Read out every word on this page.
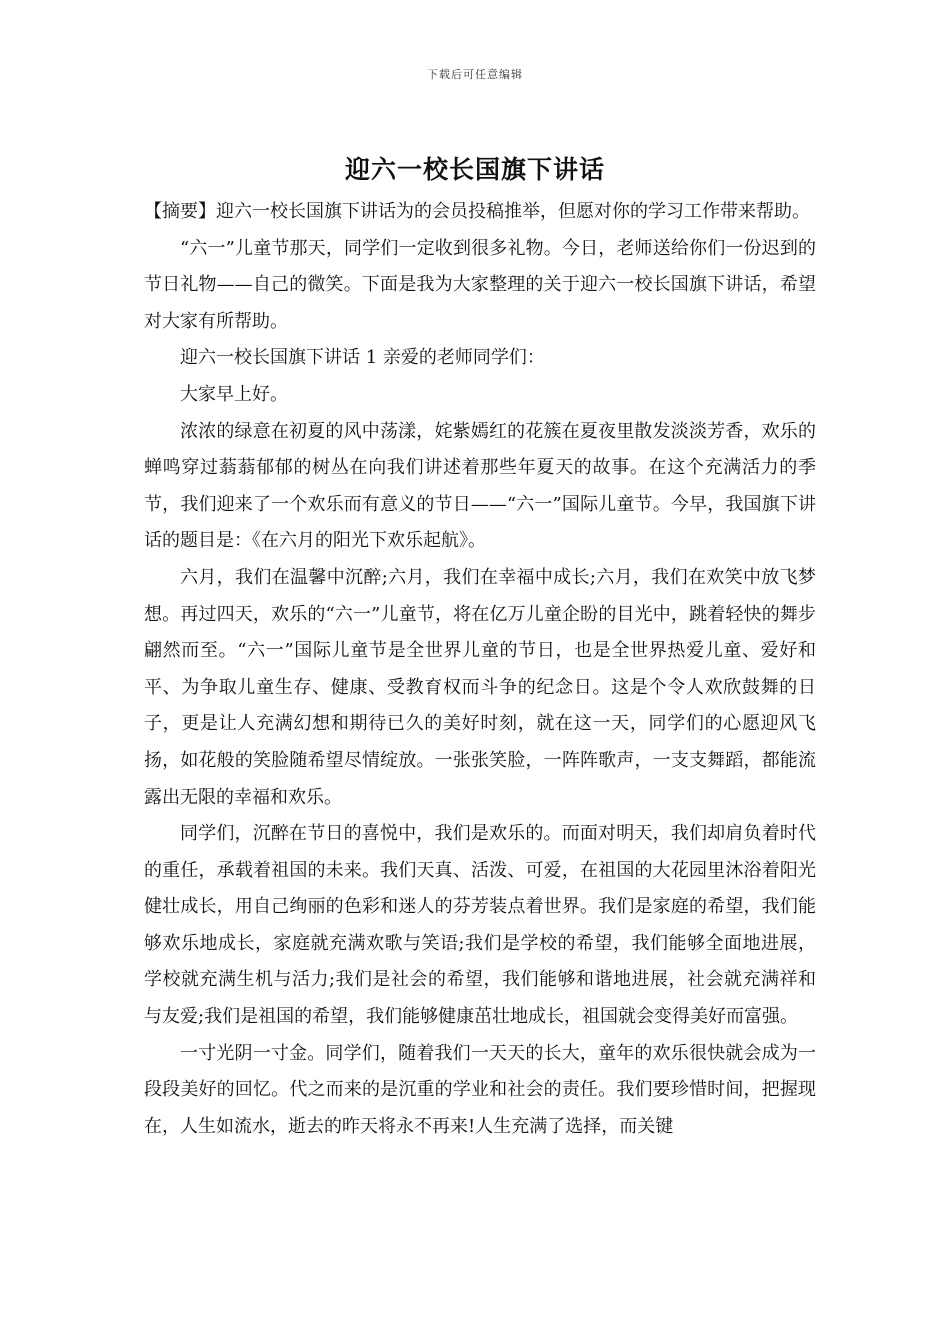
下载后可任意编辑
迎六一校长国旗下讲话

【摘要】迎六一校长国旗下讲话为的会员投稿推举，但愿对你的学习工作带来帮助。

“六一”儿童节那天，同学们一定收到很多礼物。今日，老师送给你们一份迟到的节日礼物——自己的微笑。下面是我为大家整理的关于迎六一校长国旗下讲话，希望对大家有所帮助。

迎六一校长国旗下讲话 1 亲爱的老师同学们：

大家早上好。

浓浓的绿意在初夏的风中荡漾，姹紫嫣红的花簇在夏夜里散发淡淡芳香，欢乐的蝉鸣穿过蓊蓊郁郁的树丛在向我们讲述着那些年夏天的故事。在这个充满活力的季节，我们迎来了一个欢乐而有意义的节日——“六一”国际儿童节。今早，我国旗下讲话的题目是：《在六月的阳光下欢乐起航》。

六月，我们在温馨中沉醉;六月，我们在幸福中成长;六月，我们在欢笑中放飞梦想。再过四天，欢乐的“六一”儿童节，将在亿万儿童企盼的目光中，跳着轻快的舞步翩然而至。“六一”国际儿童节是全世界儿童的节日，也是全世界热爱儿童、爱好和平、为争取儿童生存、健康、受教育权而斗争的纪念日。这是个令人欢欣鼓舞的日子，更是让人充满幻想和期待已久的美好时刻，就在这一天，同学们的心愿迎风飞扬，如花般的笑脸随希望尽情绽放。一张张笑脸，一阵阵歌声，一支支舞蹈，都能流露出无限的幸福和欢乐。

同学们，沉醉在节日的喜悦中，我们是欢乐的。而面对明天，我们却肩负着时代的重任，承载着祖国的未来。我们天真、活泼、可爱，在祖国的大花园里沐浴着阳光健壮成长，用自己绚丽的色彩和迷人的芬芳装点着世界。我们是家庭的希望，我们能够欢乐地成长，家庭就充满欢歌与笑语;我们是学校的希望，我们能够全面地进展，学校就充满生机与活力;我们是社会的希望，我们能够和谐地进展，社会就充满祥和与友爱;我们是祖国的希望，我们能够健康茁壮地成长，祖国就会变得美好而富强。

一寸光阴一寸金。同学们，随着我们一天天的长大，童年的欢乐很快就会成为一段段美好的回忆。代之而来的是沉重的学业和社会的责任。我们要珍惜时间，把握现在，人生如流水，逝去的昨天将永不再来!人生充满了选择，而关键
